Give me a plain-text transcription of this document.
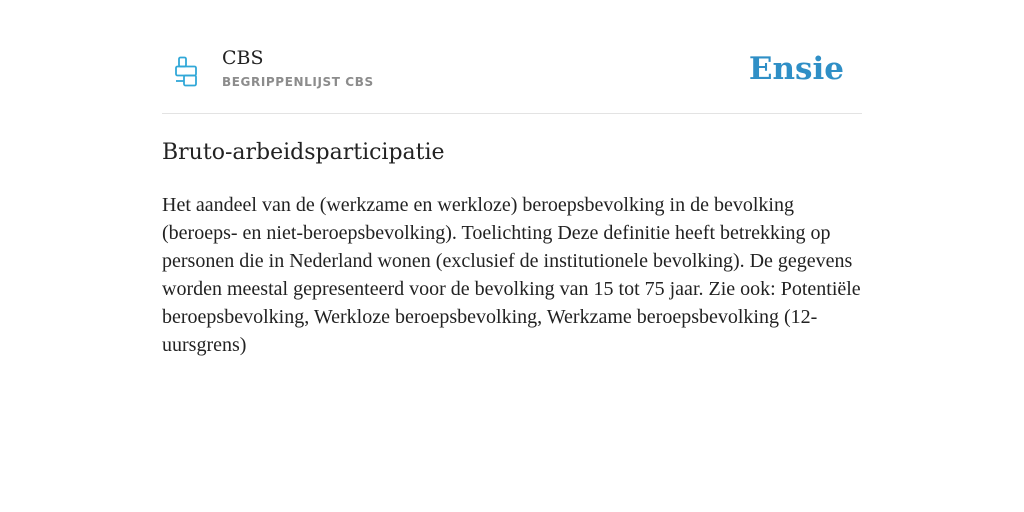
CBS
BEGRIPPENLIJST CBS	Ensie
Bruto-arbeidsparticipatie

Het aandeel van de (werkzame en werkloze) beroepsbevolking in de bevolking (beroeps- en niet-beroepsbevolking). Toelichting Deze definitie heeft betrekking op personen die in Nederland wonen (exclusief de institutionele bevolking). De gegevens worden meestal gepresenteerd voor de bevolking van 15 tot 75 jaar. Zie ook: Potentiële beroepsbevolking, Werkloze beroepsbevolking, Werkzame beroepsbevolking (12-uursgrens)
